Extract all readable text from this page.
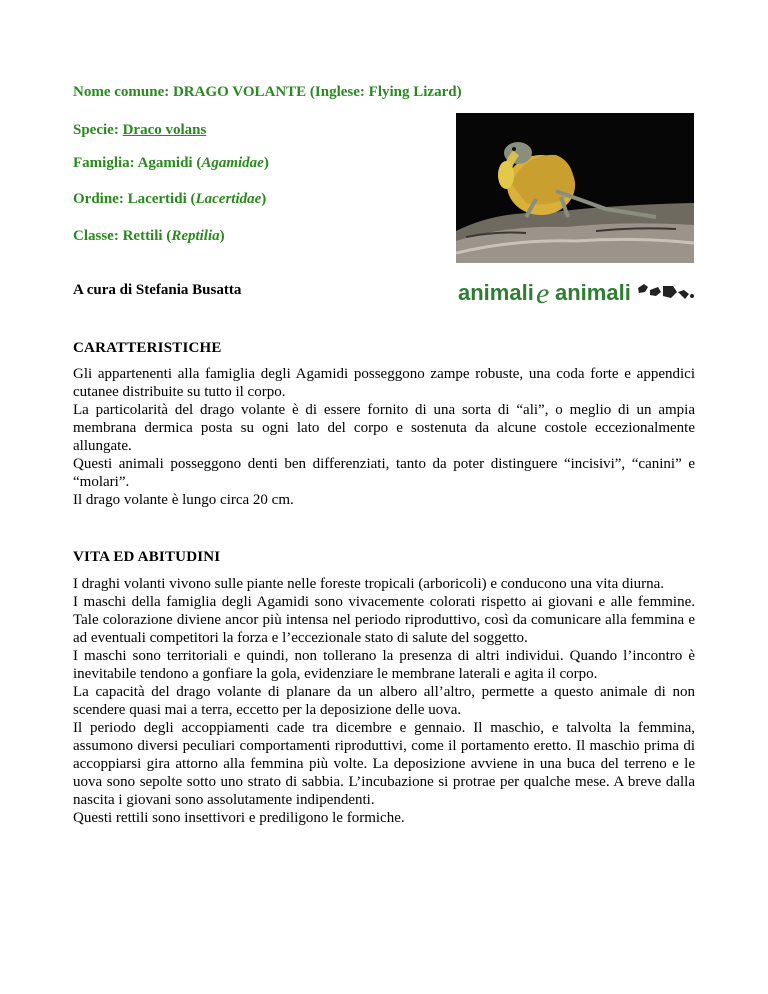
Nome comune: DRAGO VOLANTE (Inglese: Flying Lizard)

Specie: Draco volans

Famiglia: Agamidi (Agamidae)

Ordine: Lacertidi (Lacertidae)

Classe: Rettili (Reptilia)

A cura di Stefania Busatta	animali e animali
CARATTERISTICHE
Gli appartenenti alla famiglia degli Agamidi posseggono zampe robuste, una coda forte e appendici cutanee distribuite su tutto il corpo.
La particolarità del drago volante è di essere fornito di una sorta di “ali”, o meglio di un ampia membrana dermica posta su ogni lato del corpo e sostenuta da alcune costole eccezionalmente allungate.
Questi animali posseggono denti ben differenziati, tanto da poter distinguere “incisivi”, “canini” e “molari”.
Il drago volante è lungo circa 20 cm.
VITA ED ABITUDINI
I draghi volanti vivono sulle piante nelle foreste tropicali (arboricoli) e conducono una vita diurna.
I maschi della famiglia degli Agamidi sono vivacemente colorati rispetto ai giovani e alle femmine. Tale colorazione diviene ancor più intensa nel periodo riproduttivo, così da comunicare alla femmina e ad eventuali competitori la forza e l’eccezionale stato di salute del soggetto.
I maschi sono territoriali e quindi, non tollerano la presenza di altri individui. Quando l’incontro è inevitabile tendono a gonfiare la gola, evidenziare le membrane laterali e agita il corpo.
La capacità del drago volante di planare da un albero all’altro, permette a questo animale di non scendere quasi mai a terra, eccetto per la deposizione delle uova.
Il periodo degli accoppiamenti cade tra dicembre e gennaio. Il maschio, e talvolta la femmina, assumono diversi peculiari comportamenti riproduttivi, come il portamento eretto. Il maschio prima di accoppiarsi gira attorno alla femmina più volte. La deposizione avviene in una buca del terreno e le uova sono sepolte sotto uno strato di sabbia. L’incubazione si protrae per qualche mese. A breve dalla nascita i giovani sono assolutamente indipendenti.
Questi rettili sono insettivori e prediligono le formiche.
